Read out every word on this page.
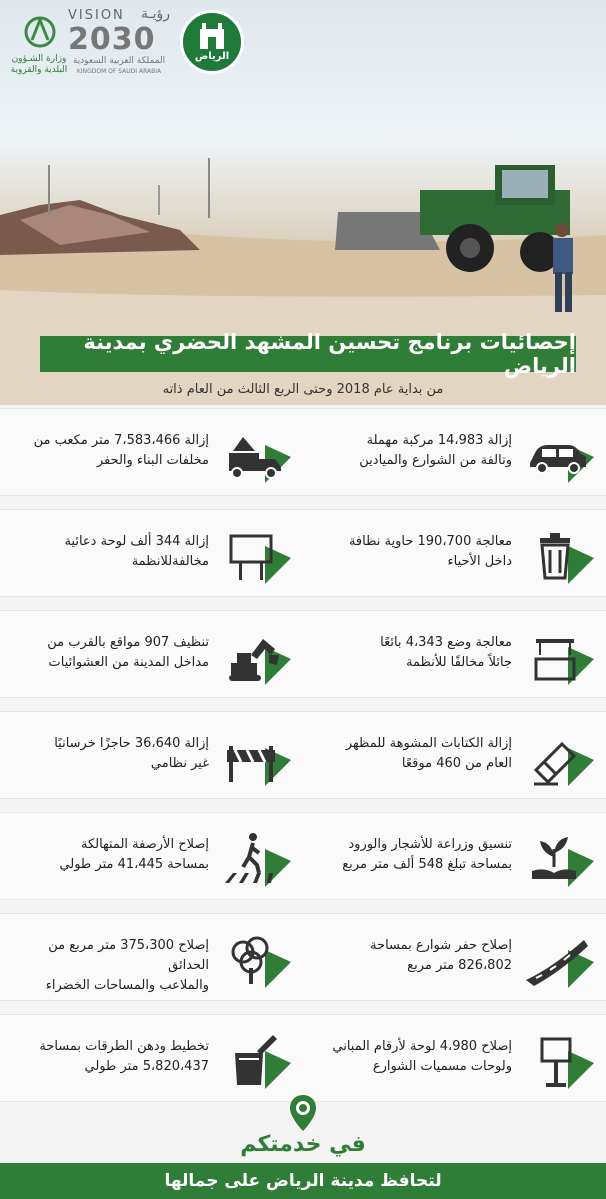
وزارة الشـؤون
البلدية والقروية
VISION رؤيـة
2030
المملكة العربية السعودية
KINGDOM OF SAUDI ARABIA
الرياض
إحصائيات برنامج تحسين المشهد الحضري بمدينة الرياض
من بداية عام 2018 وحتى الربع الثالث من العام ذاته
إزالة 14،983 مركبة مهملة
وتالفة من الشوارع والميادين
إزالة 7،583،466 متر مكعب من
مخلفات البناء والحفر
معالجة 190،700 حاوية نظافة
داخل الأحياء
إزالة 344 ألف لوحة دعائية
مخالفةللانظمة
معالجة وضع 4،343 بائعًا
جائلاً مخالفًا للأنظمة
تنظيف 907 مواقع بالقرب من
مداخل المدينة من العشوائيات
إزالة الكتابات المشوهة للمظهر
العام من 460 موقعًا
إزالة 36،640 حاجزًا خرسانيًا
غير نظامي
تنسيق وزراعة للأشجار والورود
بمساحة تبلغ 548 ألف متر مربع
إصلاح الأرصفة المتهالكة
بمساحة 41،445 متر طولي
إصلاح حفر شوارع بمساحة
826،802 متر مربع
إصلاح 375،300 متر مربع من الحدائق
والملاعب والمساحات الخضراء
إصلاح 4،980 لوحة لأرقام المباني
ولوحات مسميات الشوارع
تخطيط ودهن الطرقات بمساحة
5،820،437 متر طولي
في خدمتكم
لتحافظ مدينة الرياض على جمالها
